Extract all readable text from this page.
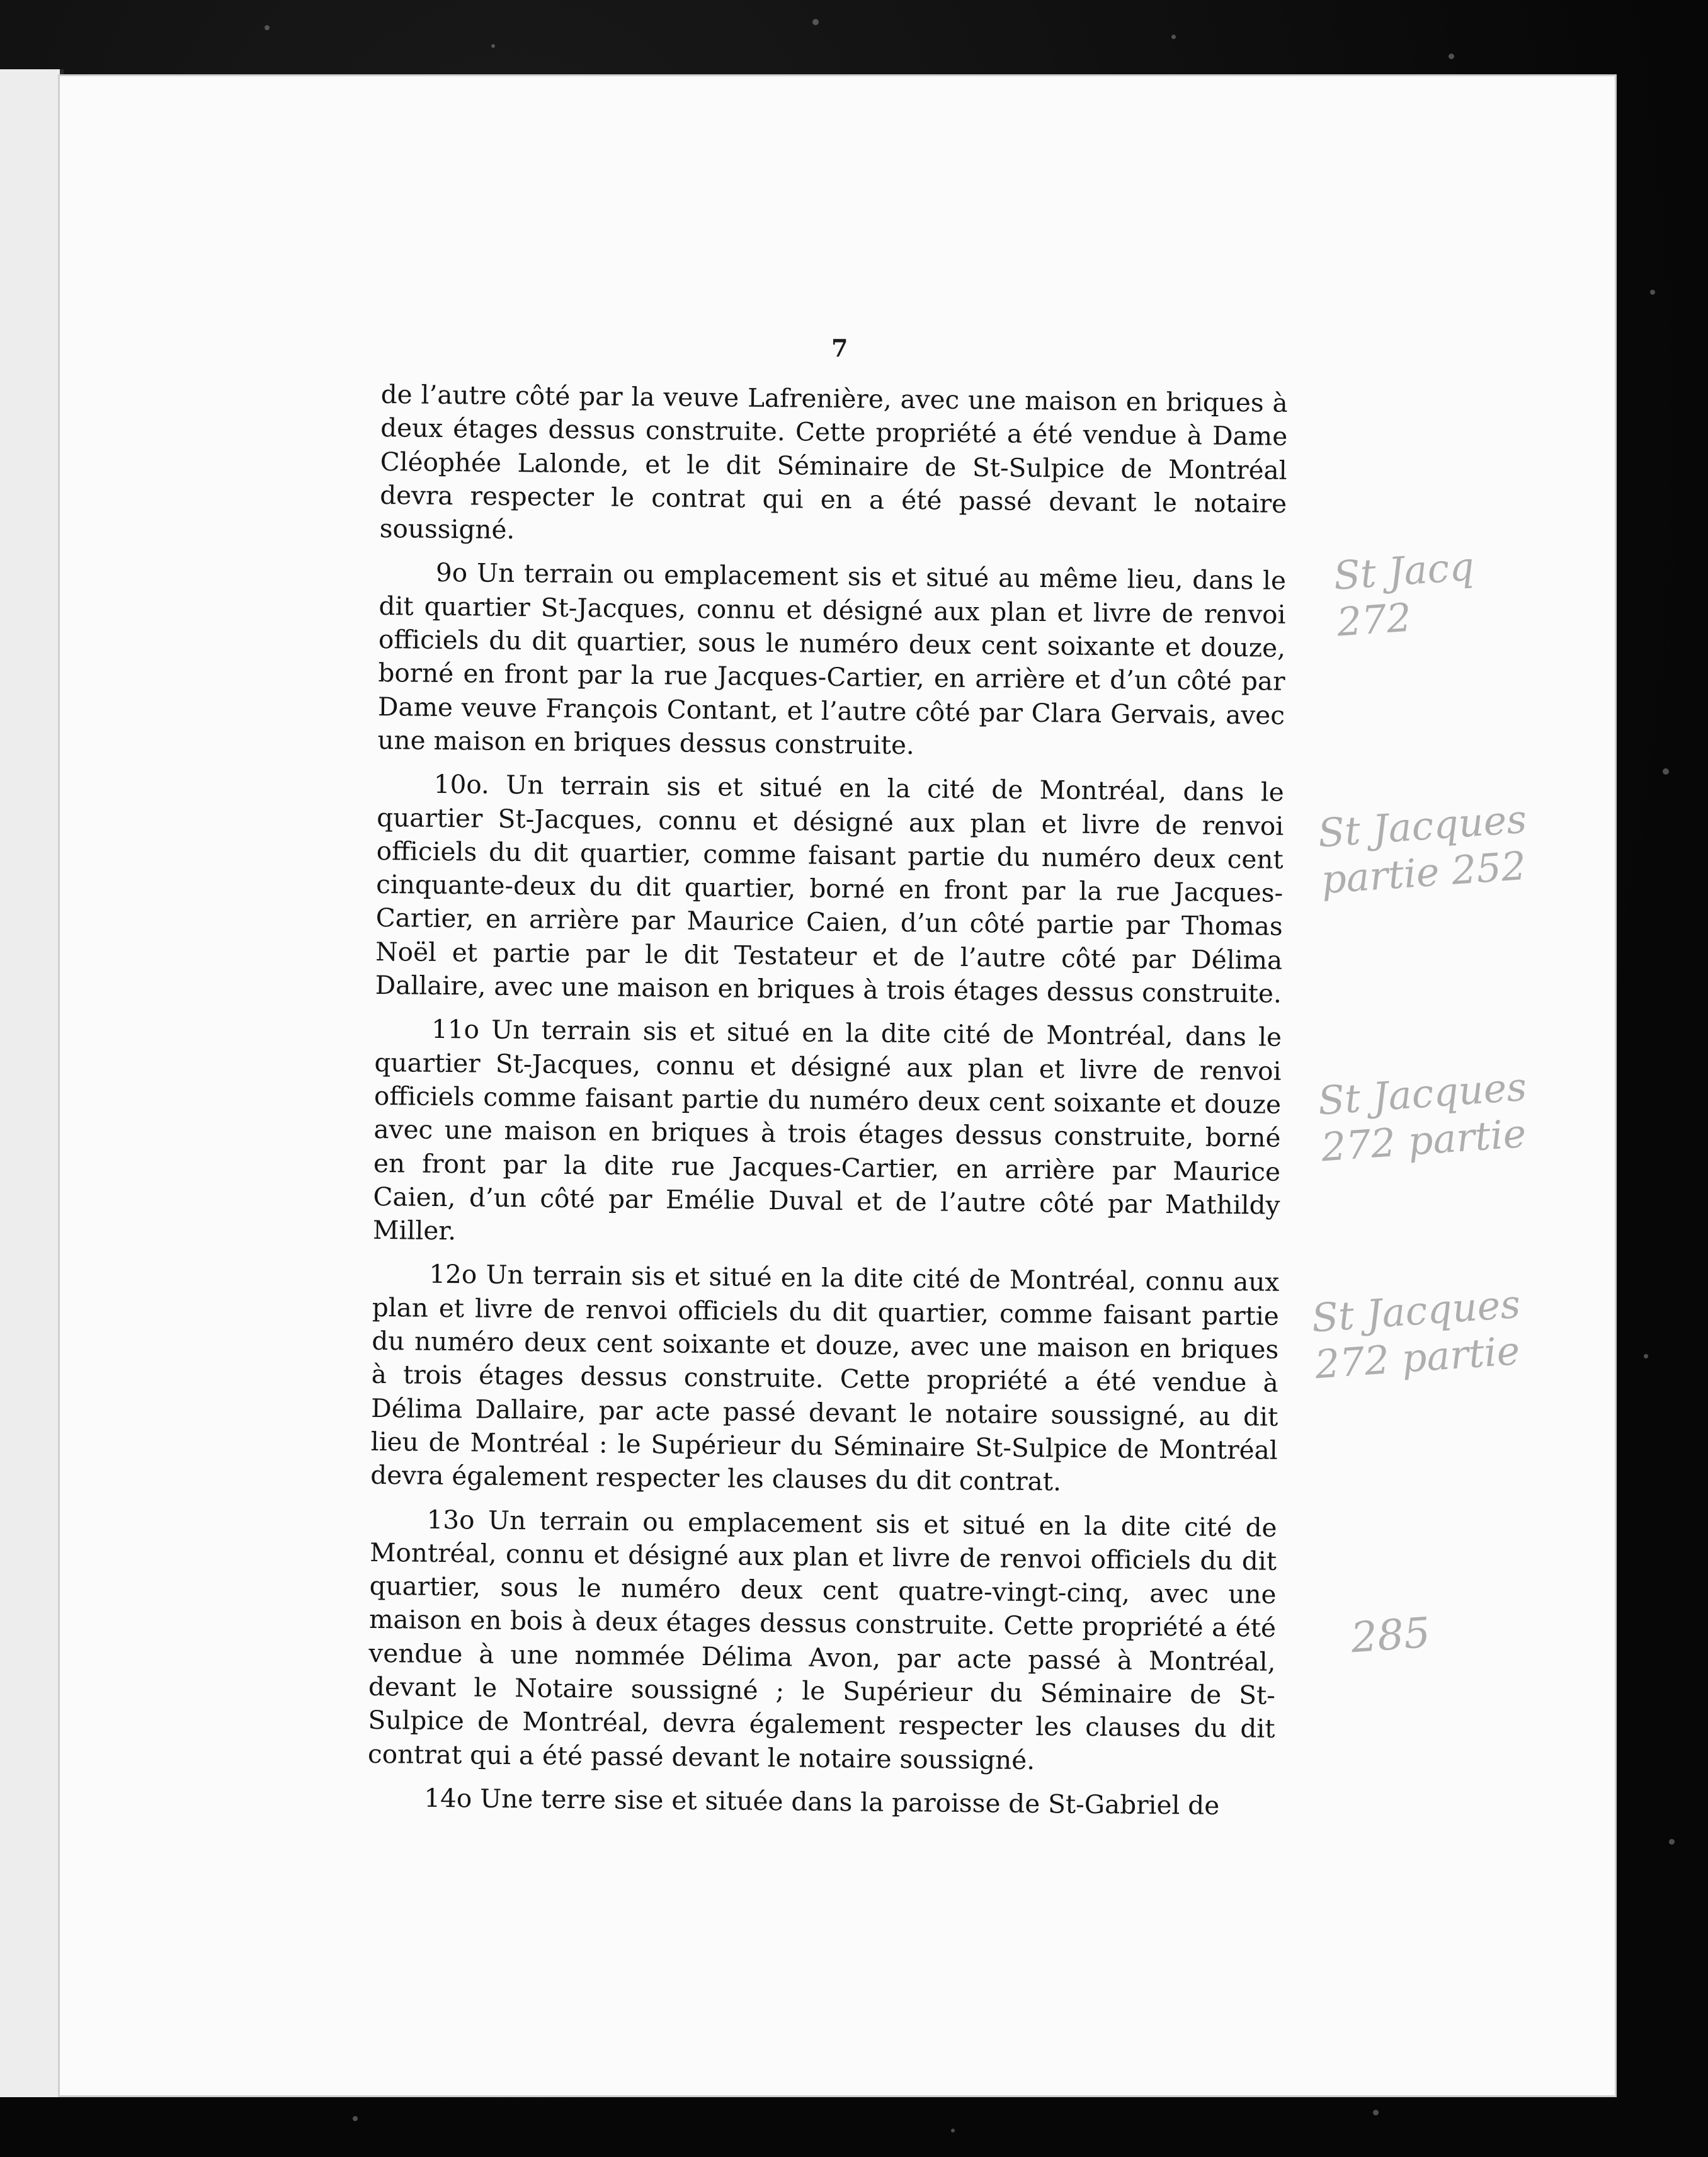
7

de l’autre côté par la veuve Lafrenière, avec une maison en briques à deux étages dessus construite. Cette propriété a été vendue à Dame Cléophée Lalonde, et le dit Séminaire de St-Sulpice de Montréal devra respecter le contrat qui en a été passé devant le notaire soussigné.

9o Un terrain ou emplacement sis et situé au même lieu, dans le dit quartier St-Jacques, connu et désigné aux plan et livre de renvoi officiels du dit quartier, sous le numéro deux cent soixante et douze, borné en front par la rue Jacques-Cartier, en arrière et d’un côté par Dame veuve François Contant, et l’autre côté par Clara Gervais, avec une maison en briques dessus construite.

10o. Un terrain sis et situé en la cité de Montréal, dans le quartier St-Jacques, connu et désigné aux plan et livre de renvoi officiels du dit quartier, comme faisant partie du numéro deux cent cinquante-deux du dit quartier, borné en front par la rue Jacques-Cartier, en arrière par Maurice Caien, d’un côté partie par Thomas Noël et partie par le dit Testateur et de l’autre côté par Délima Dallaire, avec une maison en briques à trois étages dessus construite.

11o Un terrain sis et situé en la dite cité de Montréal, dans le quartier St-Jacques, connu et désigné aux plan et livre de renvoi officiels comme faisant partie du numéro deux cent soixante et douze avec une maison en briques à trois étages dessus construite, borné en front par la dite rue Jacques-Cartier, en arrière par Maurice Caien, d’un côté par Emélie Duval et de l’autre côté par Mathildy Miller.

12o Un terrain sis et situé en la dite cité de Montréal, connu aux plan et livre de renvoi officiels du dit quartier, comme faisant partie du numéro deux cent soixante et douze, avec une maison en briques à trois étages dessus construite. Cette propriété a été vendue à Délima Dallaire, par acte passé devant le notaire soussigné, au dit lieu de Montréal : le Supérieur du Séminaire St-Sulpice de Montréal devra également respecter les clauses du dit contrat.

13o Un terrain ou emplacement sis et situé en la dite cité de Montréal, connu et désigné aux plan et livre de renvoi officiels du dit quartier, sous le numéro deux cent quatre-vingt-cinq, avec une maison en bois à deux étages dessus construite. Cette propriété a été vendue à une nommée Délima Avon, par acte passé à Montréal, devant le Notaire soussigné ; le Supérieur du Séminaire de St-Sulpice de Montréal, devra également respecter les clauses du dit contrat qui a été passé devant le notaire soussigné.

14o Une terre sise et située dans la paroisse de St-Gabriel de

St Jacq
272
St Jacques
partie 252
St Jacques
272 partie
St Jacques
272 partie
285
